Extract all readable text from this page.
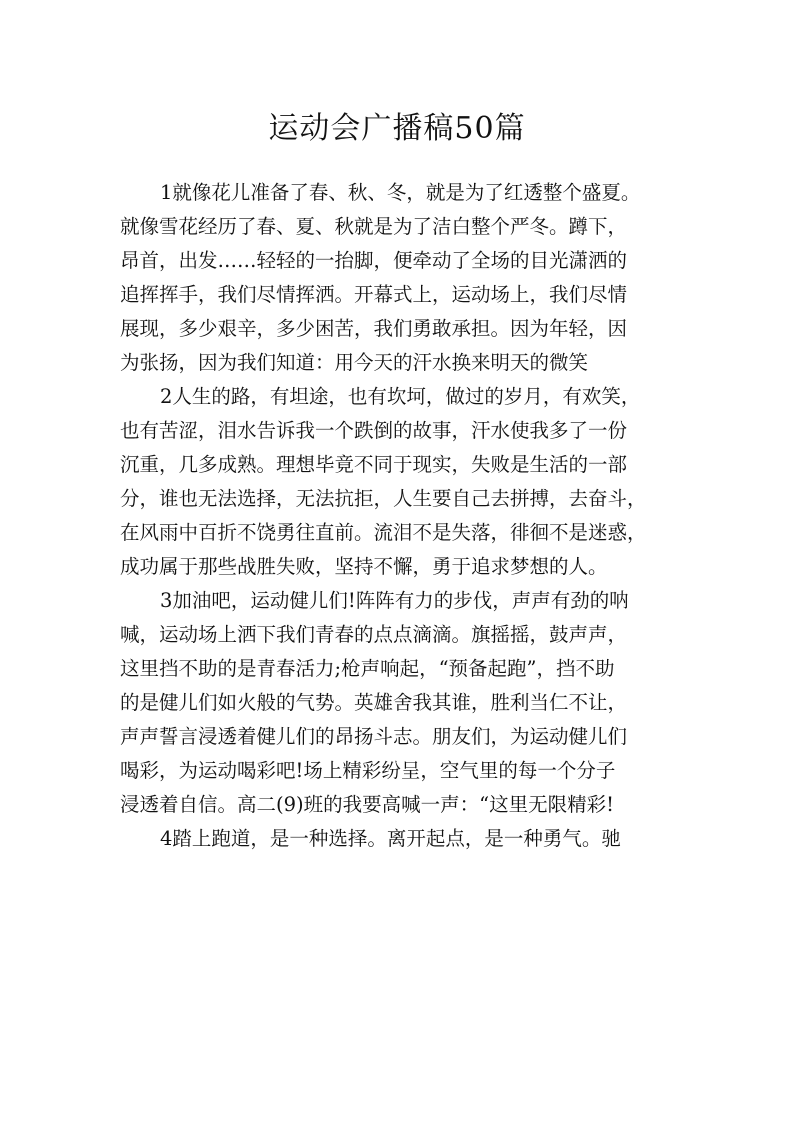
运动会广播稿50篇
1就像花儿准备了春、秋、冬，就是为了红透整个盛夏。
就像雪花经历了春、夏、秋就是为了洁白整个严冬。蹲下，
昂首，出发……轻轻的一抬脚，便牵动了全场的目光潇洒的
追挥挥手，我们尽情挥洒。开幕式上，运动场上，我们尽情
展现，多少艰辛，多少困苦，我们勇敢承担。因为年轻，因
为张扬，因为我们知道：用今天的汗水换来明天的微笑
2人生的路，有坦途，也有坎坷，做过的岁月，有欢笑，
也有苦涩，泪水告诉我一个跌倒的故事，汗水使我多了一份
沉重，几多成熟。理想毕竟不同于现实，失败是生活的一部
分，谁也无法选择，无法抗拒，人生要自己去拼搏，去奋斗，
在风雨中百折不饶勇往直前。流泪不是失落，徘徊不是迷惑，
成功属于那些战胜失败，坚持不懈，勇于追求梦想的人。
3加油吧，运动健儿们!阵阵有力的步伐，声声有劲的呐
喊，运动场上洒下我们青春的点点滴滴。旗摇摇，鼓声声，
这里挡不助的是青春活力;枪声响起，“预备起跑”，挡不助
的是健儿们如火般的气势。英雄舍我其谁，胜利当仁不让，
声声誓言浸透着健儿们的昂扬斗志。朋友们，为运动健儿们
喝彩，为运动喝彩吧!场上精彩纷呈，空气里的每一个分子
浸透着自信。高二(9)班的我要高喊一声：“这里无限精彩!
4踏上跑道，是一种选择。离开起点，是一种勇气。驰
